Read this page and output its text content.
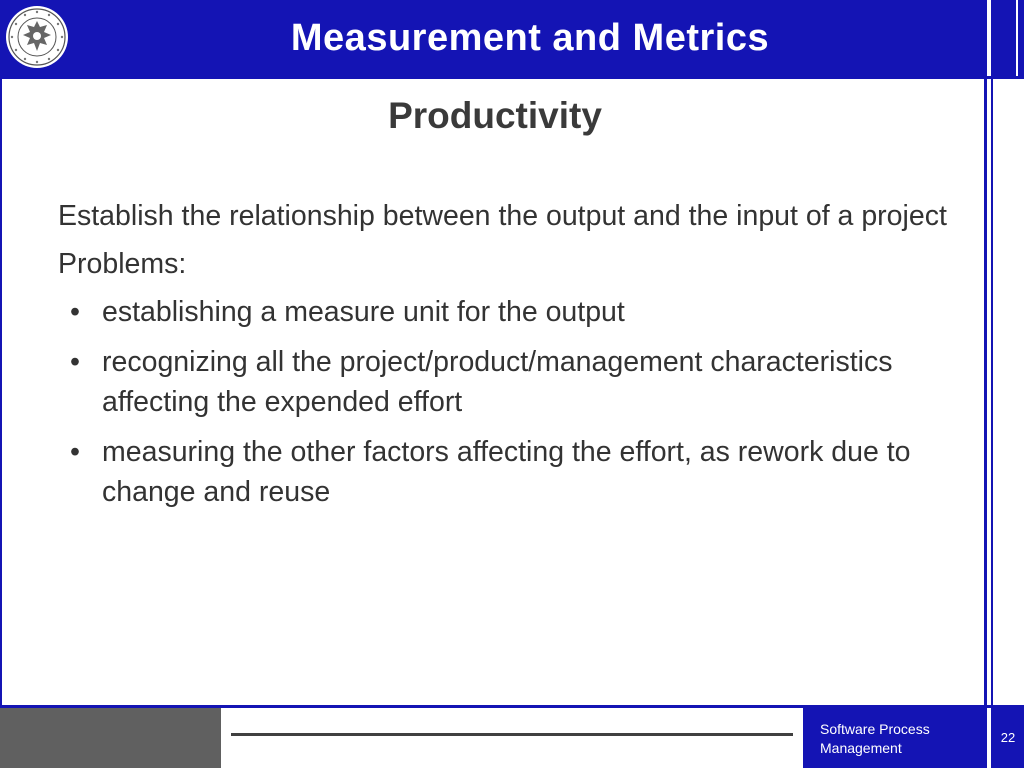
Measurement and Metrics
Productivity

Establish the relationship between the output and the input of a project

Problems:

• establishing a measure unit for the output
• recognizing all the project/product/management characteristics affecting the expended effort
• measuring the other factors affecting the effort, as rework due to change and reuse
Software Process
Management
22
